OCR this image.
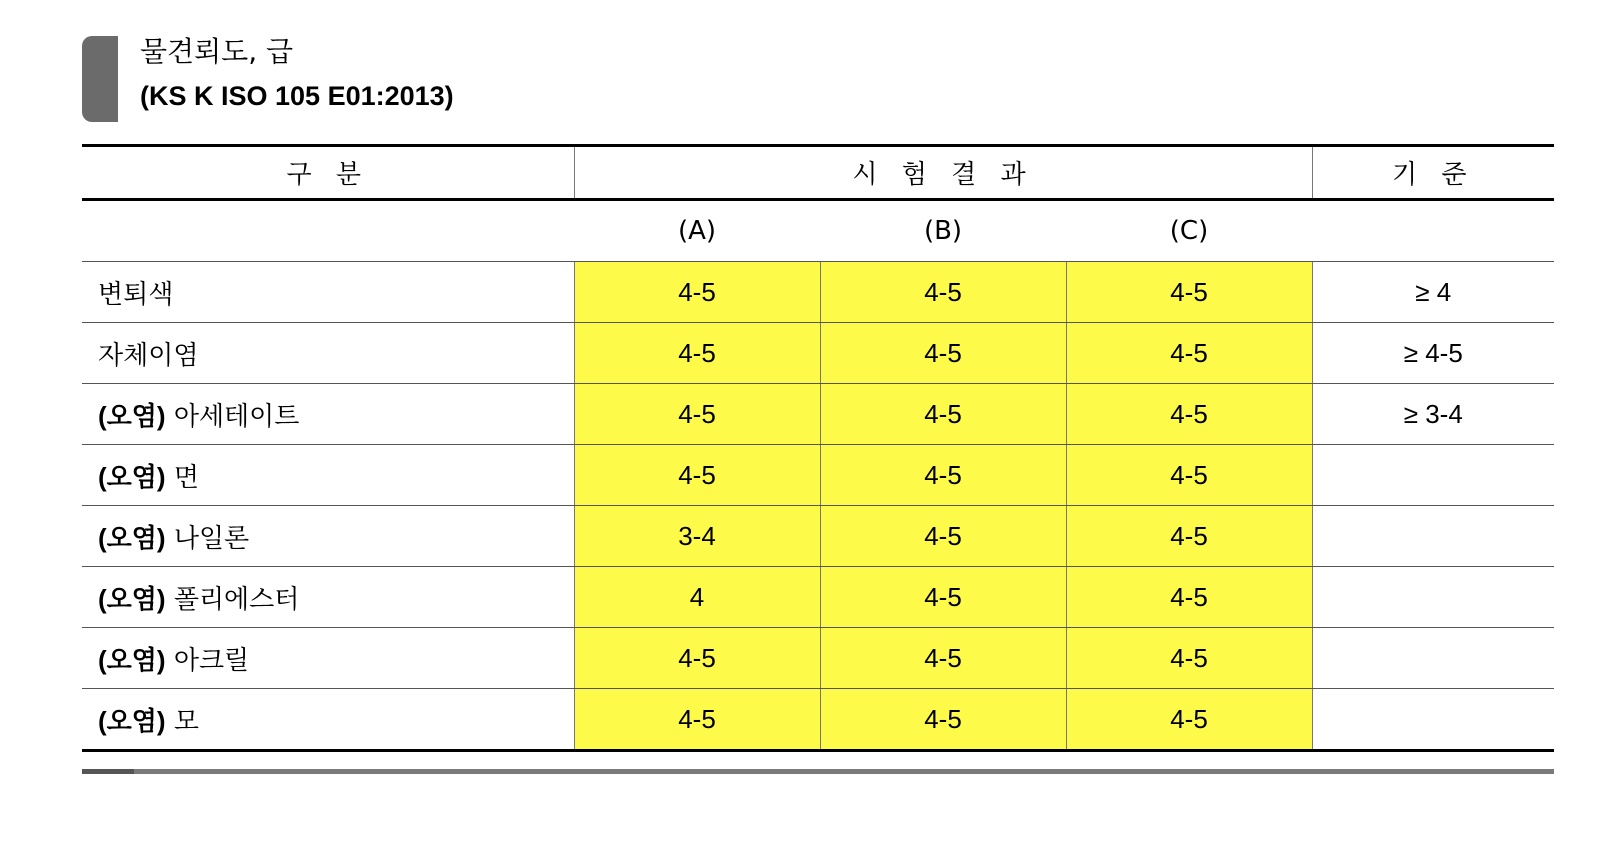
물견뢰도, 급
(KS K ISO 105 E01:2013)
구 분	시 험 결 과			기 준
	(A)	(B)	(C)	
변퇴색	4-5	4-5	4-5	≥ 4
자체이염	4-5	4-5	4-5	≥ 4-5
(오염) 아세테이트	4-5	4-5	4-5	≥ 3-4
(오염) 면	4-5	4-5	4-5	
(오염) 나일론	3-4	4-5	4-5	
(오염) 폴리에스터	4	4-5	4-5	
(오염) 아크릴	4-5	4-5	4-5	
(오염) 모	4-5	4-5	4-5	
